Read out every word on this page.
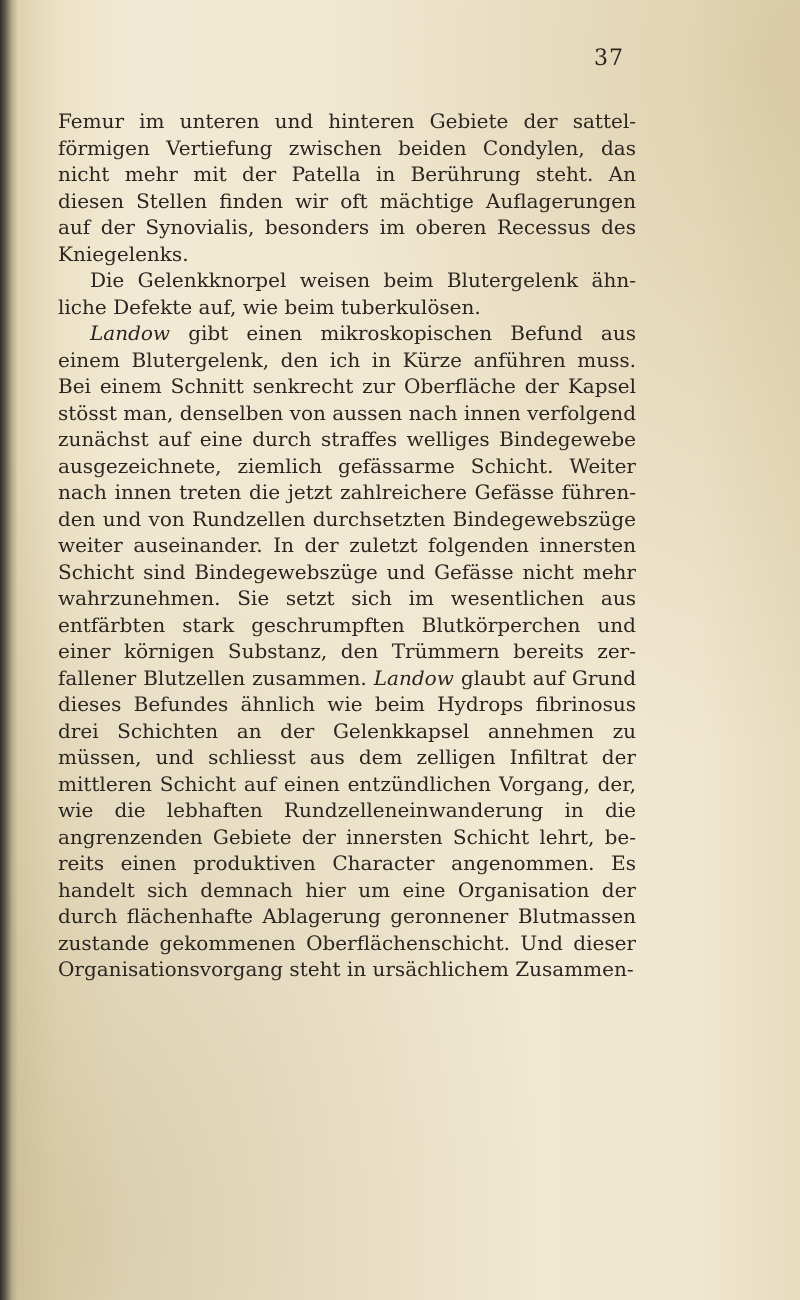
37

Femur im unteren und hinteren Gebiete der sattelförmigen Vertiefung zwischen beiden Condylen, das nicht mehr mit der Patella in Berührung steht. An diesen Stellen finden wir oft mächtige Auflagerungen auf der Synovialis, besonders im oberen Recessus des Kniegelenks.

Die Gelenkknorpel weisen beim Blutergelenk ähnliche Defekte auf, wie beim tuberkulösen.

Landow gibt einen mikroskopischen Befund aus einem Blutergelenk, den ich in Kürze anführen muss. Bei einem Schnitt senkrecht zur Oberfläche der Kapsel stösst man, denselben von aussen nach innen verfolgend zunächst auf eine durch straffes welliges Bindegewebe ausgezeichnete, ziemlich gefässarme Schicht. Weiter nach innen treten die jetzt zahlreichere Gefässe führenden und von Rundzellen durchsetzten Bindegewebszüge weiter auseinander. In der zuletzt folgenden innersten Schicht sind Bindegewebszüge und Gefässe nicht mehr wahrzunehmen. Sie setzt sich im wesentlichen aus entfärbten stark geschrumpften Blutkörperchen und einer körnigen Substanz, den Trümmern bereits zerfallener Blutzellen zusammen. Landow glaubt auf Grund dieses Befundes ähnlich wie beim Hydrops fibrinosus drei Schichten an der Gelenkkapsel annehmen zu müssen, und schliesst aus dem zelligen Infiltrat der mittleren Schicht auf einen entzündlichen Vorgang, der, wie die lebhaften Rundzelleneinwanderung in die angrenzenden Gebiete der innersten Schicht lehrt, bereits einen produktiven Character angenommen. Es handelt sich demnach hier um eine Organisation der durch flächenhafte Ablagerung geronnener Blutmassen zustande gekommenen Oberflächenschicht. Und dieser Organisationsvorgang steht in ursächlichem Zusammen-
